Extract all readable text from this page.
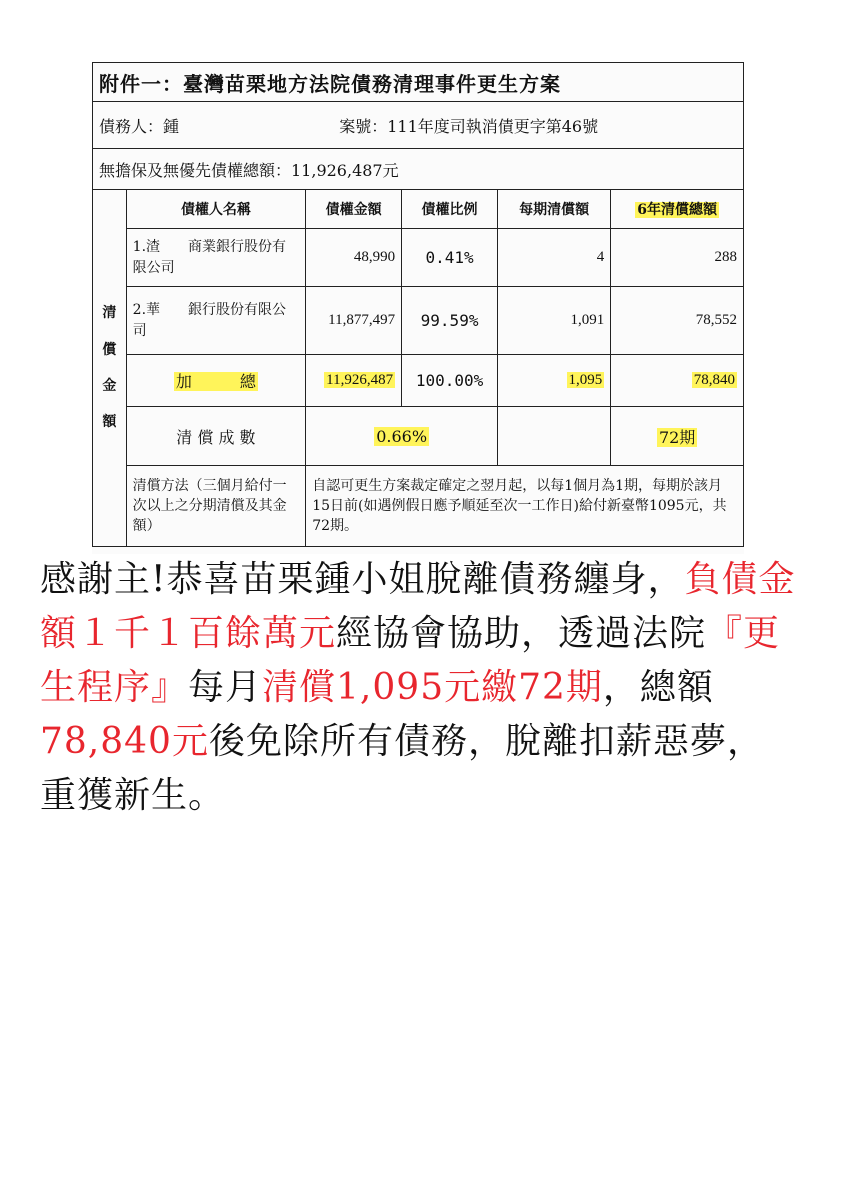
附件一：臺灣苗栗地方法院債務清理事件更生方案					
債務人：鍾 案號：111年度司執消債更字第46號					
無擔保及無優先債權總額：11,926,487元					

清
償
金
額	債權人名稱	債權金額	債權比例	每期清償額	6年清償總額
	1.渣　　商業銀行股份有限公司	48,990	0.41%	4	288
	2.華　　銀行股份有限公司	11,877,497	99.59%	1,091	78,552
	加　　　總	11,926,487	100.00%	1,095	78,840
	清 償 成 數	0.66%			72期
	清償方法（三個月給付一次以上之分期清償及其金額）	自認可更生方案裁定確定之翌月起，以每1個月為1期，每期於該月15日前(如遇例假日應予順延至次一工作日)給付新臺幣1095元，共72期。			
感謝主!恭喜苗栗鍾小姐脫離債務纏身，負債金額１千１百餘萬元經協會協助，透過法院『更生程序』每月清償1,095元繳72期，總額78,840元後免除所有債務，脫離扣薪惡夢，重獲新生。
